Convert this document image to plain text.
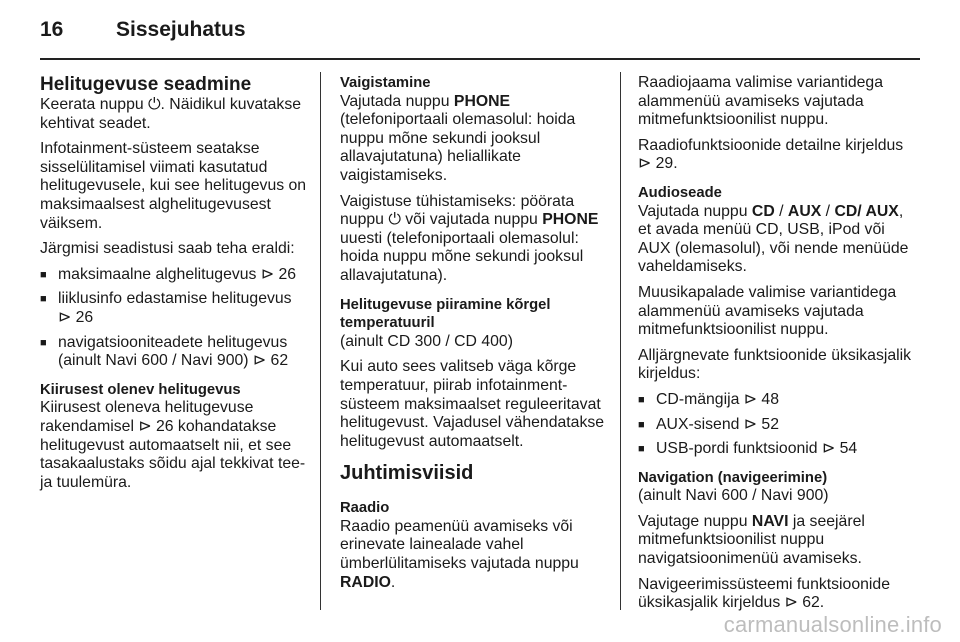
16	Sissejuhatus
Helitugevuse seadmine

Keerata nuppu ⏻. Näidikul kuvatakse kehtivat seadet.

Infotainment-süsteem seatakse sisselülitamisel viimati kasutatud helitugevusele, kui see helitugevus on maksimaalsest alghelitugevusest väiksem.

Järgmisi seadistusi saab teha eraldi:

■ maksimaalne alghelitugevus ⊳ 26
■ liiklusinfo edastamise helitugevus ⊳ 26
■ navigatsiooniteadete helitugevus (ainult Navi 600 / Navi 900) ⊳ 62
Kiirusest olenev helitugevus

Kiirusest oleneva helitugevuse rakendamisel ⊳ 26 kohandatakse helitugevust automaatselt nii, et see tasakaalustaks sõidu ajal tekkivat tee- ja tuulemüra.

Vaigistamine

Vajutada nuppu PHONE (telefoniportaali olemasolul: hoida nuppu mõne sekundi jooksul allavajutatuna) heliallikate vaigistamiseks.

Vaigistuse tühistamiseks: pöörata nuppu ⏻ või vajutada nuppu PHONE uuesti (telefoniportaali olemasolul: hoida nuppu mõne sekundi jooksul allavajutatuna).

Helitugevuse piiramine kõrgel temperatuuril

(ainult CD 300 / CD 400)

Kui auto sees valitseb väga kõrge temperatuur, piirab infotainment-süsteem maksimaalset reguleeritavat helitugevust. Vajadusel vähendatakse helitugevust automaatselt.

Juhtimisviisid
Raadio

Raadio peamenüü avamiseks või erinevate lainealade vahel ümberlülitamiseks vajutada nuppu RADIO.

Raadiojaama valimise variantidega alammenüü avamiseks vajutada mitmefunktsioonilist nuppu.

Raadiofunktsioonide detailne kirjeldus ⊳ 29.

Audioseade

Vajutada nuppu CD / AUX / CD/ AUX, et avada menüü CD, USB, iPod või AUX (olemasolul), või nende menüüde vaheldamiseks.

Muusikapalade valimise variantidega alammenüü avamiseks vajutada mitmefunktsioonilist nuppu.

Alljärgnevate funktsioonide üksikasjalik kirjeldus:

■ CD-mängija ⊳ 48
■ AUX-sisend ⊳ 52
■ USB-pordi funktsioonid ⊳ 54
Navigation (navigeerimine)

(ainult Navi 600 / Navi 900)

Vajutage nuppu NAVI ja seejärel mitmefunktsioonilist nuppu navigatsioonimenüü avamiseks.

Navigeerimissüsteemi funktsioonide üksikasjalik kirjeldus ⊳ 62.

carmanualsonline.info
